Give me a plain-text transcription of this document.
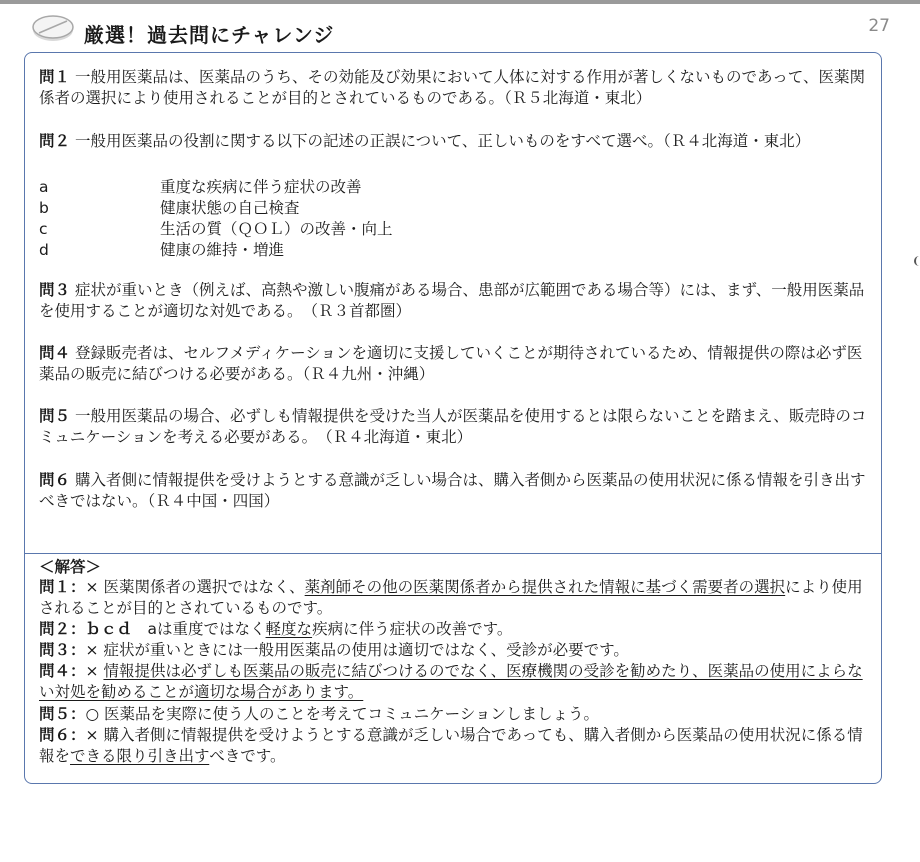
厳選！過去問にチャレンジ	27
問１ 一般用医薬品は、医薬品のうち、その効能及び効果において人体に対する作用が著しくないものであって、医薬関係者の選択により使用されることが目的とされているものである。（Ｒ５北海道・東北）
問２ 一般用医薬品の役割に関する以下の記述の正誤について、正しいものをすべて選べ。（Ｒ４北海道・東北）
a	重度な疾病に伴う症状の改善
b	健康状態の自己検査
c	生活の質（ＱＯＬ）の改善・向上
d	健康の維持・増進
問３ 症状が重いとき（例えば、高熱や激しい腹痛がある場合、患部が広範囲である場合等）には、まず、一般用医薬品を使用することが適切な対処である。　（Ｒ３首都圏）
問４ 登録販売者は、セルフメディケーションを適切に支援していくことが期待されているため、情報提供の際は必ず医薬品の販売に結びつける必要がある。（Ｒ４九州・沖縄）
問５ 一般用医薬品の場合、必ずしも情報提供を受けた当人が医薬品を使用するとは限らないことを踏まえ、販売時のコミュニケーションを考える必要がある。　（Ｒ４北海道・東北）
問６ 購入者側に情報提供を受けようとする意識が乏しい場合は、購入者側から医薬品の使用状況に係る情報を引き出すべきではない。（Ｒ４中国・四国）
＜解答＞
問１：× 医薬関係者の選択ではなく、薬剤師その他の医薬関係者から提供された情報に基づく需要者の選択により使用されることが目的とされているものです。
問２：ｂｃｄ　 aは重度ではなく軽度な疾病に伴う症状の改善です。
問３：× 症状が重いときには一般用医薬品の使用は適切ではなく、受診が必要です。
問４：× 情報提供は必ずしも医薬品の販売に結びつけるのでなく、医療機関の受診を勧めたり、医薬品の使用によらない対処を勧めることが適切な場合があります。
問５：○ 医薬品を実際に使う人のことを考えてコミュニケーションしましょう。
問６：× 購入者側に情報提供を受けようとする意識が乏しい場合であっても、購入者側から医薬品の使用状況に係る情報をできる限り引き出すべきです。
